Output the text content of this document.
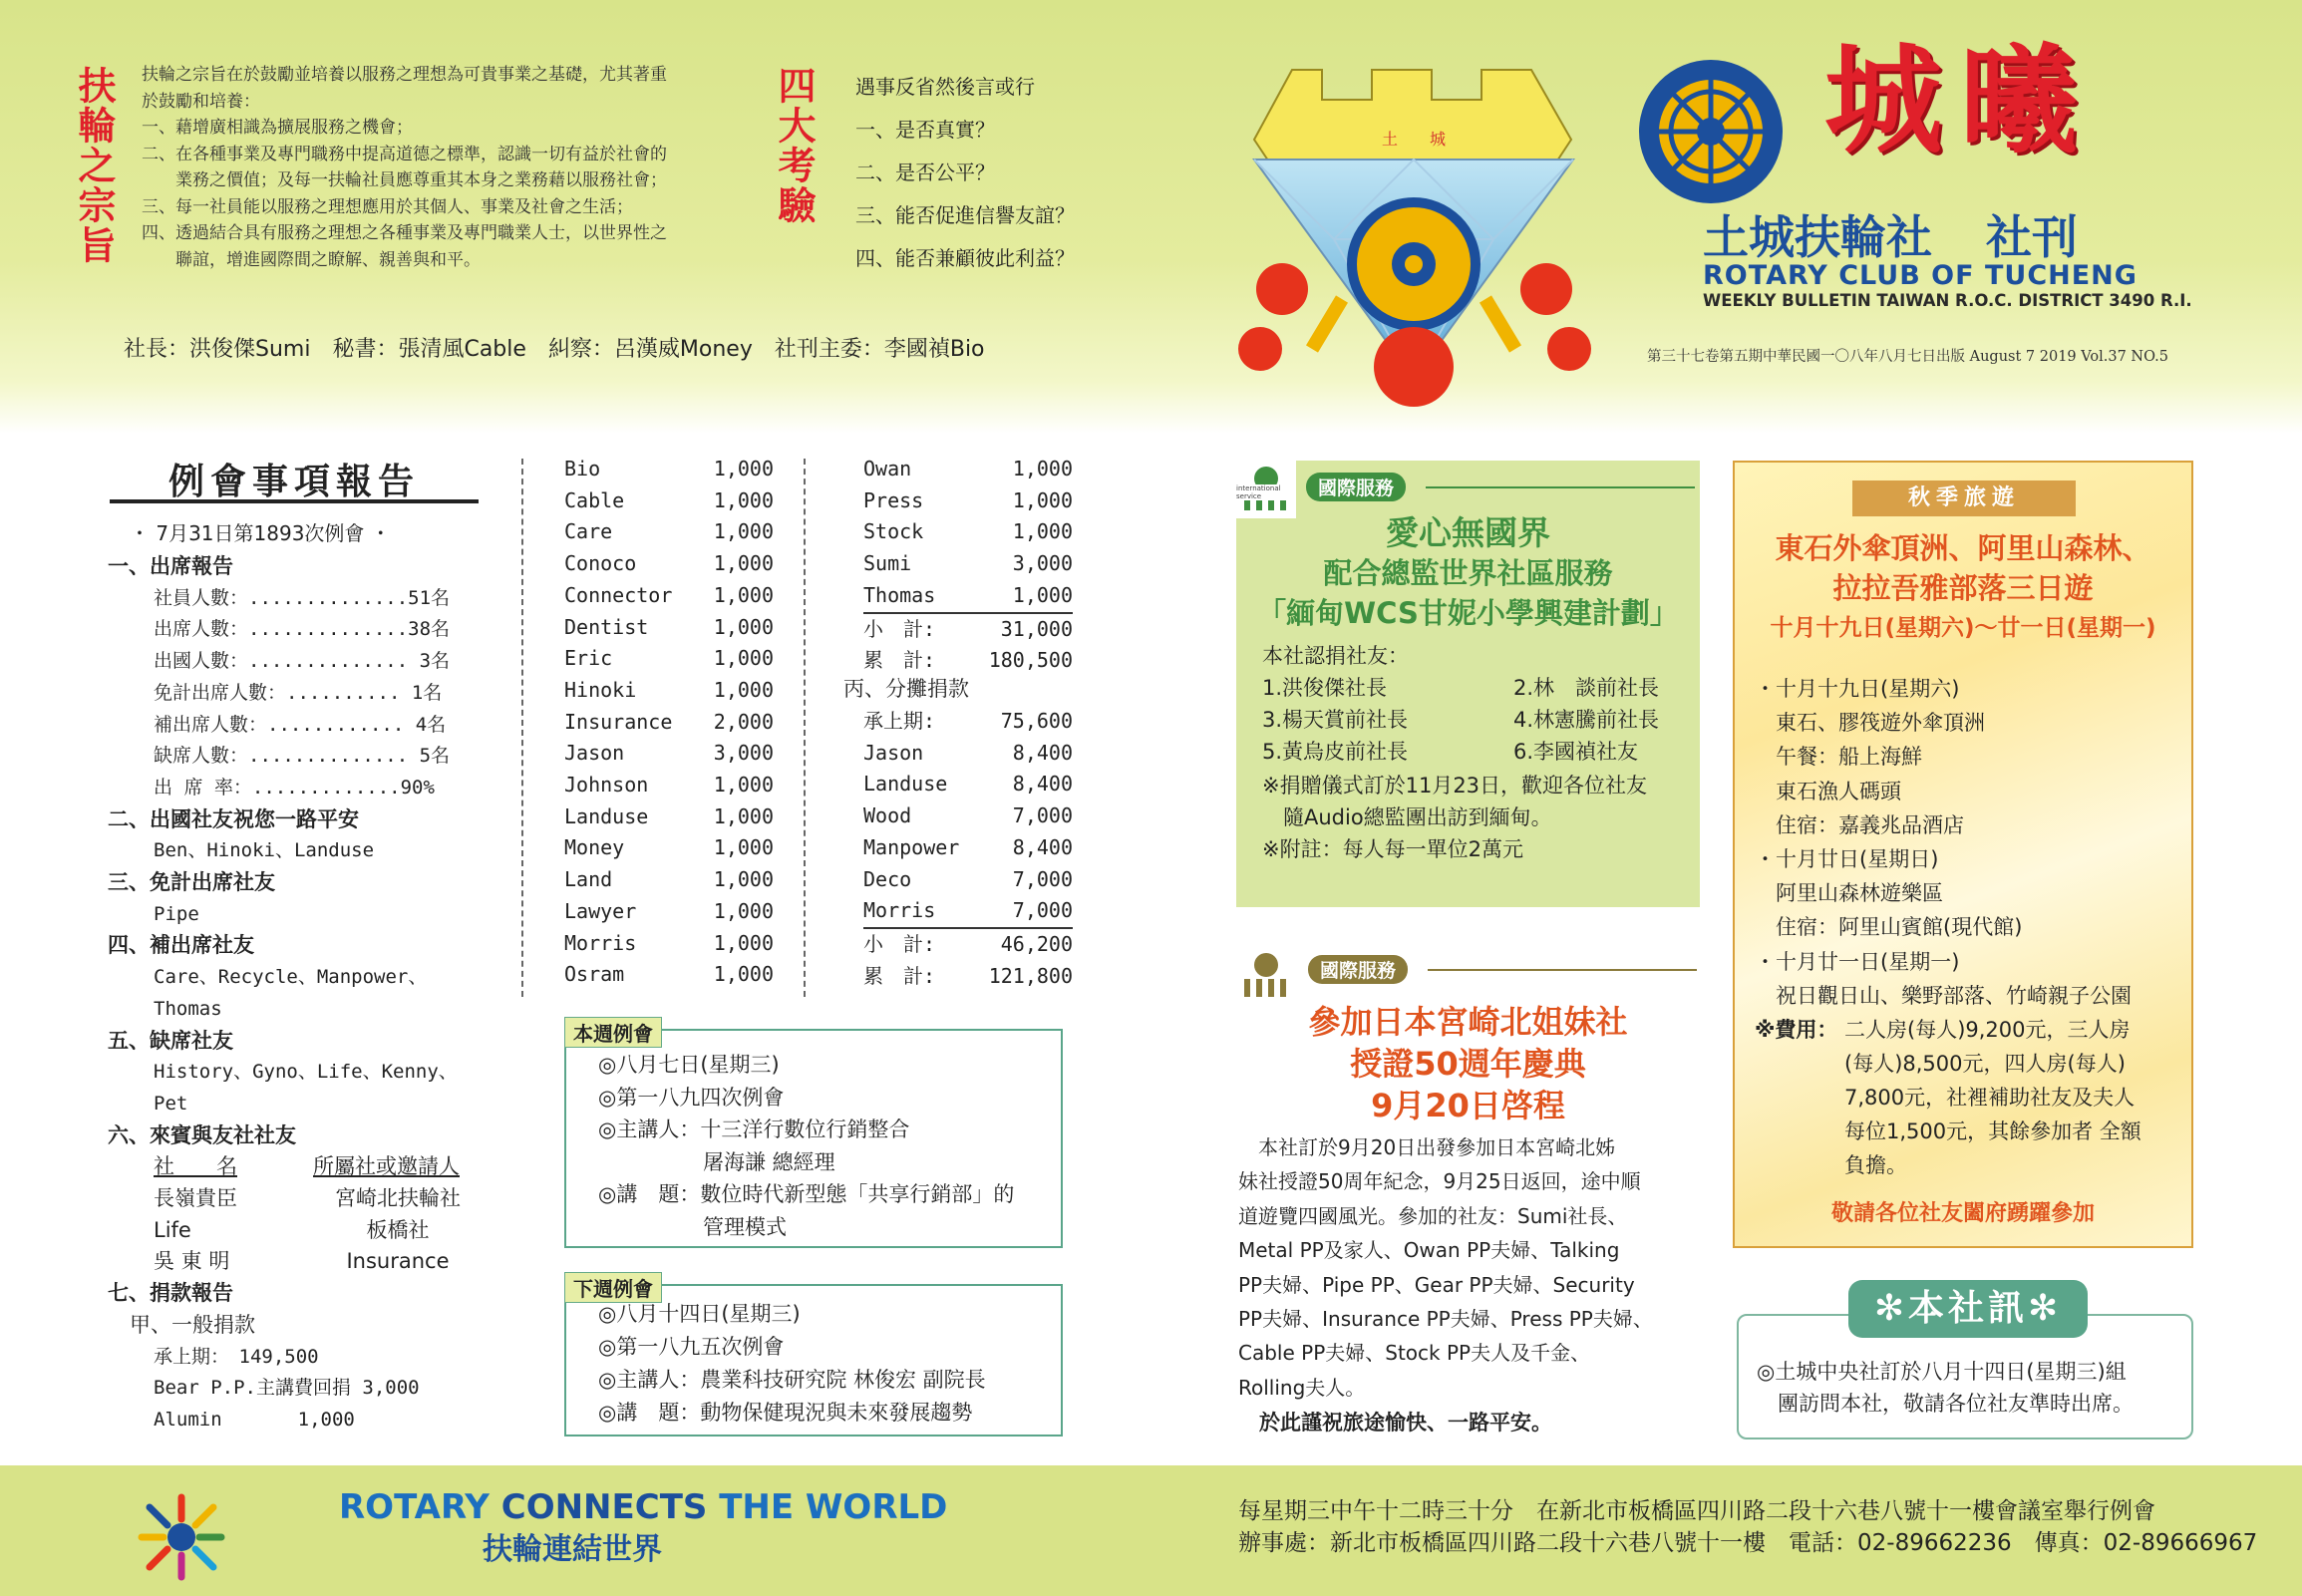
扶輪之宗旨 扶輪之宗旨在於鼓勵並培養以服務之理想為可貴事業之基礎，尤其著重
於鼓勵和培養：
一、藉增廣相識為擴展服務之機會；
二、在各種事業及專門職務中提高道德之標準，認識一切有益於社會的
　　業務之價值；及每一扶輪社員應尊重其本身之業務藉以服務社會；
三、每一社員能以服務之理想應用於其個人、事業及社會之生活；
四、透過結合具有服務之理想之各種事業及專門職業人士，以世界性之
　　聯誼，增進國際間之瞭解、親善與和平。
四大考驗 遇事反省然後言或行
一、是否真實？
二、是否公平？
三、能否促進信譽友誼？
四、能否兼顧彼此利益？
土　　城	城曦
土城扶輪社 社刊
ROTARY CLUB OF TUCHENG
WEEKLY BULLETIN TAIWAN R.O.C. DISTRICT 3490 R.I.
第三十七卷第五期中華民國一〇八年八月七日出版 August 7 2019 Vol.37 NO.5
社長：洪俊傑Sumi　秘書：張清風Cable　糾察：呂漢威Money　社刊主委：李國禎Bio
例會事項報告
・ 7月31日第1893次例會 ・
一、出席報告
社員人數：..............51名
出席人數：..............38名
出國人數：.............. 3名
免計出席人數：.......... 1名
補出席人數：............ 4名
缺席人數：.............. 5名
出 席 率：.............90%
二、出國社友祝您一路平安
Ben、Hinoki、Landuse
三、免計出席社友
Pipe
四、補出席社友
Care、Recycle、Manpower、
Thomas
五、缺席社友
History、Gyno、Life、Kenny、
Pet
六、來賓與友社社友
社　　名	所屬社或邀請人
長嶺貴臣	宮崎北扶輪社
Life	板橋社
吳 東 明	Insurance
七、捐款報告
甲、一般捐款
承上期：　149,500
Bear P.P.主講費回捐 3,000
Alumin　　　　1,000
Bio	1,000
Cable	1,000
Care	1,000
Conoco	1,000
Connector	1,000
Dentist	1,000
Eric	1,000
Hinoki	1,000
Insurance	2,000
Jason	3,000
Johnson	1,000
Landuse	1,000
Money	1,000
Land	1,000
Lawyer	1,000
Morris	1,000
Osram	1,000
Owan	1,000
Press	1,000
Stock	1,000
Sumi	3,000
Thomas	1,000
小　計:	31,000
累　計:	180,500
丙、分攤捐款
承上期:	75,600
Jason	8,400
Landuse	8,400
Wood	7,000
Manpower	8,400
Deco	7,000
Morris	7,000
小　計:	46,200
累　計:	121,800
本週例會
◎八月七日(星期三)
◎第一八九四次例會
◎主講人：十三洋行數位行銷整合
　　　　　屠海謙 總經理
◎講　題：數位時代新型態「共享行銷部」的
　　　　　管理模式
下週例會
◎八月十四日(星期三)
◎第一八九五次例會
◎主講人：農業科技研究院 林俊宏 副院長
◎講　題：動物保健現況與未來發展趨勢
international service	國際服務
愛心無國界
配合總監世界社區服務
「緬甸WCS甘妮小學興建計劃」
本社認捐社友：
1.洪俊傑社長	2.林　談前社長
3.楊天賞前社長	4.林憲騰前社長
5.黃烏皮前社長	6.李國禎社友
※捐贈儀式訂於11月23日，歡迎各位社友
　隨Audio總監團出訪到緬甸。
※附註：每人每一單位2萬元
國際服務
參加日本宮崎北姐妹社
授證50週年慶典
9月20日啓程
　本社訂於9月20日出發參加日本宮崎北姊
妹社授證50周年紀念，9月25日返回，途中順
道遊覽四國風光。參加的社友：Sumi社長、
Metal PP及家人、Owan PP夫婦、Talking
PP夫婦、Pipe PP、Gear PP夫婦、Security
PP夫婦、Insurance PP夫婦、Press PP夫婦、
Cable PP夫婦、Stock PP夫人及千金、
Rolling夫人。
　於此謹祝旅途愉快、一路平安。
秋季旅遊
東石外傘頂洲、阿里山森林、
拉拉吾雅部落三日遊
十月十九日(星期六)～廿一日(星期一)
・十月十九日(星期六)
　東石、膠筏遊外傘頂洲
　午餐：船上海鮮
　東石漁人碼頭
　住宿：嘉義兆品酒店
・十月廿日(星期日)
　阿里山森林遊樂區
　住宿：阿里山賓館(現代館)
・十月廿一日(星期一)
　祝日觀日山、樂野部落、竹崎親子公園
※費用： 二人房(每人)9,200元，三人房
(每人)8,500元，四人房(每人)
7,800元，社裡補助社友及夫人
每位1,500元，其餘參加者 全額
負擔。
敬請各位社友闔府踴躍參加
✻本社訊✻
◎土城中央社訂於八月十四日(星期三)組
　團訪問本社，敬請各位社友準時出席。
ROTARY CONNECTS THE WORLD
扶輪連結世界
每星期三中午十二時三十分　在新北市板橋區四川路二段十六巷八號十一樓會議室舉行例會
辦事處：新北市板橋區四川路二段十六巷八號十一樓　電話：02-89662236　傳真：02-89666967
